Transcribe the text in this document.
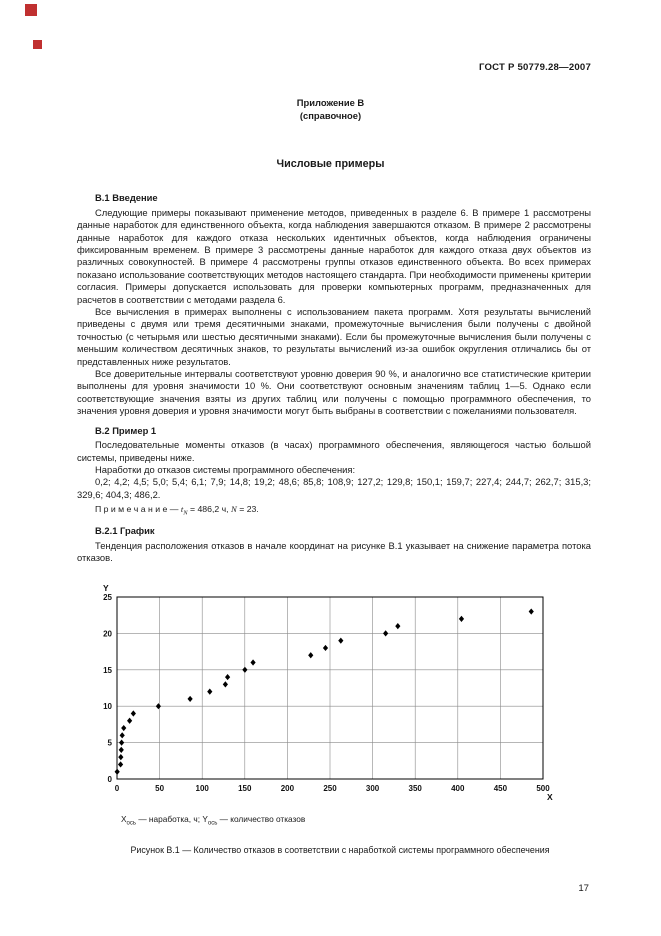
ГОСТ Р 50779.28—2007
Приложение В
(справочное)
Числовые примеры

В.1 Введение

Следующие примеры показывают применение методов, приведенных в разделе 6. В примере 1 рассмотрены данные наработок для единственного объекта, когда наблюдения завершаются отказом. В примере 2 рассмотрены данные наработок для каждого отказа нескольких идентичных объектов, когда наблюдения ограничены фиксированным временем. В примере 3 рассмотрены данные наработок для каждого отказа двух объектов из различных совокупностей. В примере 4 рассмотрены группы отказов единственного объекта. Во всех примерах показано использование соответствующих методов настоящего стандарта. При необходимости применены критерии согласия. Примеры допускается использовать для проверки компьютерных программ, предназначенных для расчетов в соответствии с методами раздела 6.

Все вычисления в примерах выполнены с использованием пакета программ. Хотя результаты вычислений приведены с двумя или тремя десятичными знаками, промежуточные вычисления были получены с двойной точностью (с четырьмя или шестью десятичными знаками). Если бы промежуточные вычисления были получены с меньшим количеством десятичных знаков, то результаты вычислений из-за ошибок округления отличались бы от представленных ниже результатов.

Все доверительные интервалы соответствуют уровню доверия 90 %, и аналогично все статистические критерии выполнены для уровня значимости 10 %. Они соответствуют основным значениям таблиц 1—5. Однако если соответствующие значения взяты из других таблиц или получены с помощью программного обеспечения, то значения уровня доверия и уровня значимости могут быть выбраны в соответствии с пожеланиями пользователя.

В.2 Пример 1

Последовательные моменты отказов (в часах) программного обеспечения, являющегося частью большой системы, приведены ниже.

Наработки до отказов системы программного обеспечения:

0,2; 4,2; 4,5; 5,0; 5,4; 6,1; 7,9; 14,8; 19,2; 48,6; 85,8; 108,9; 127,2; 129,8; 150,1; 159,7; 227,4; 244,7; 262,7; 315,3; 329,6; 404,3; 486,2.

П р и м е ч а н и е — $t_N = 486,2$ ч, N = 23.

В.2.1 График

Тенденция расположения отказов в начале координат на рисунке В.1 указывает на снижение параметра потока отказов.

0	50	100	150	200	250	300	350	400	450	500
0
5
10
15
20
25
Y
X

$X_{ось}$ — наработка, ч; $Y_{ось}$ — количество отказов

Рисунок В.1 — Количество отказов в соответствии с наработкой системы программного обеспечения

17
